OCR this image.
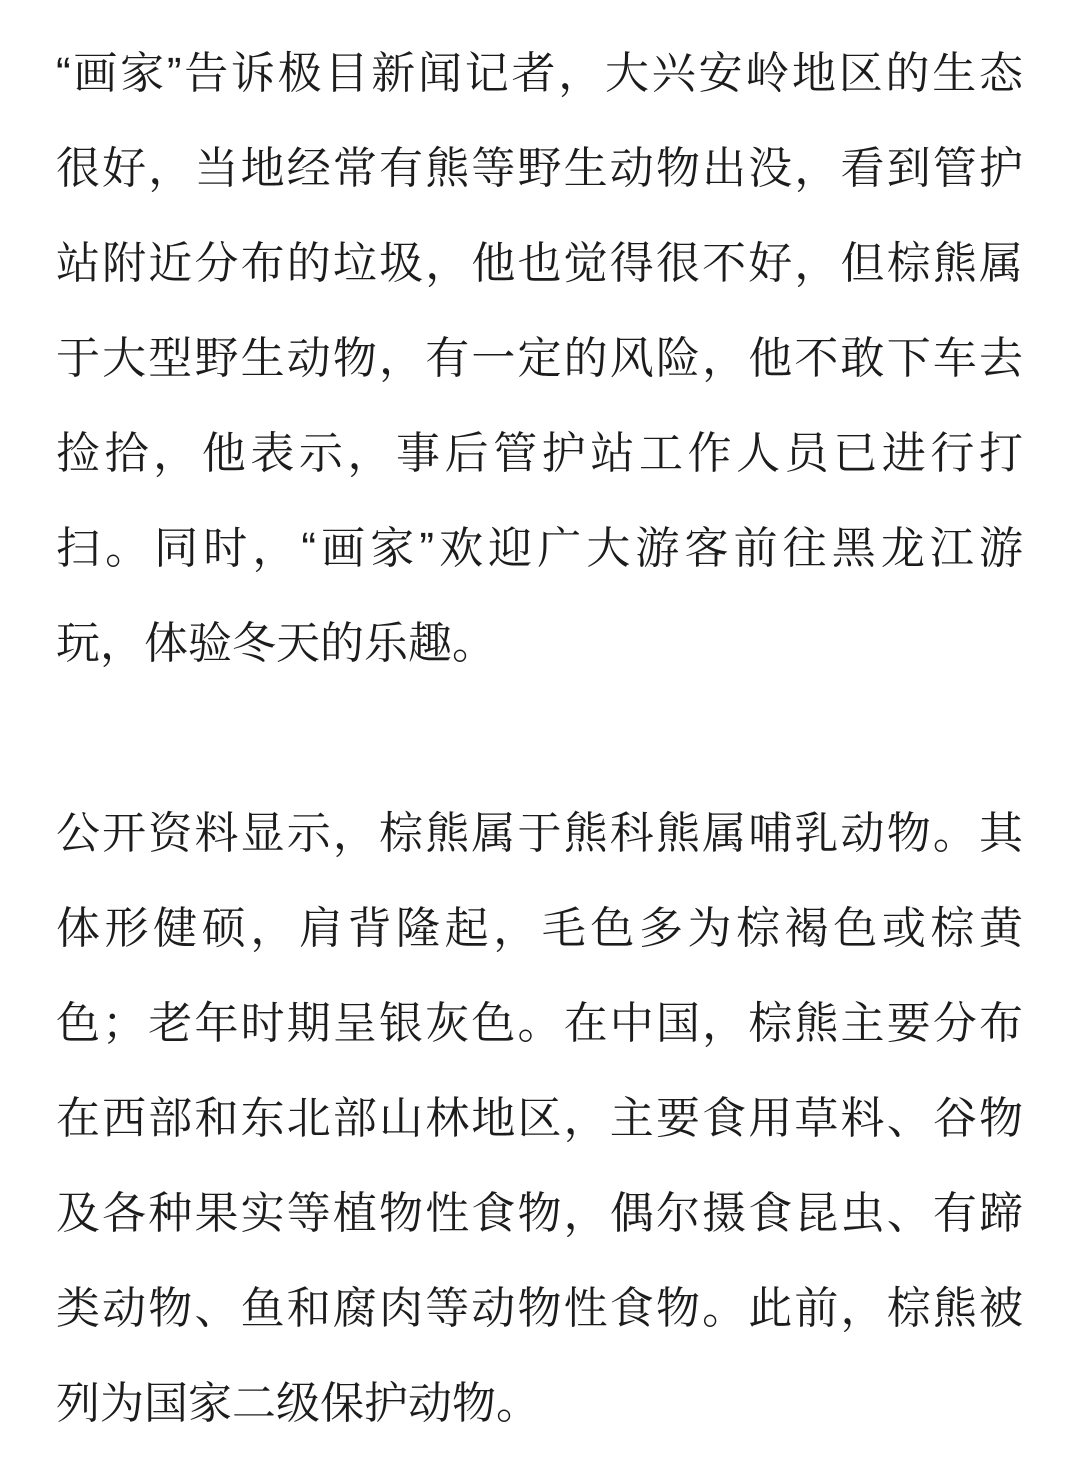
“画家”告诉极目新闻记者，大兴安岭地区的生态
很好，当地经常有熊等野生动物出没，看到管护
站附近分布的垃圾，他也觉得很不好，但棕熊属
于大型野生动物，有一定的风险，他不敢下车去
捡拾，他表示，事后管护站工作人员已进行打
扫。同时，“画家”欢迎广大游客前往黑龙江游
玩，体验冬天的乐趣。

公开资料显示，棕熊属于熊科熊属哺乳动物。其
体形健硕，肩背隆起，毛色多为棕褐色或棕黄
色；老年时期呈银灰色。在中国，棕熊主要分布
在西部和东北部山林地区，主要食用草料、谷物
及各种果实等植物性食物，偶尔摄食昆虫、有蹄
类动物、鱼和腐肉等动物性食物。此前，棕熊被
列为国家二级保护动物。
